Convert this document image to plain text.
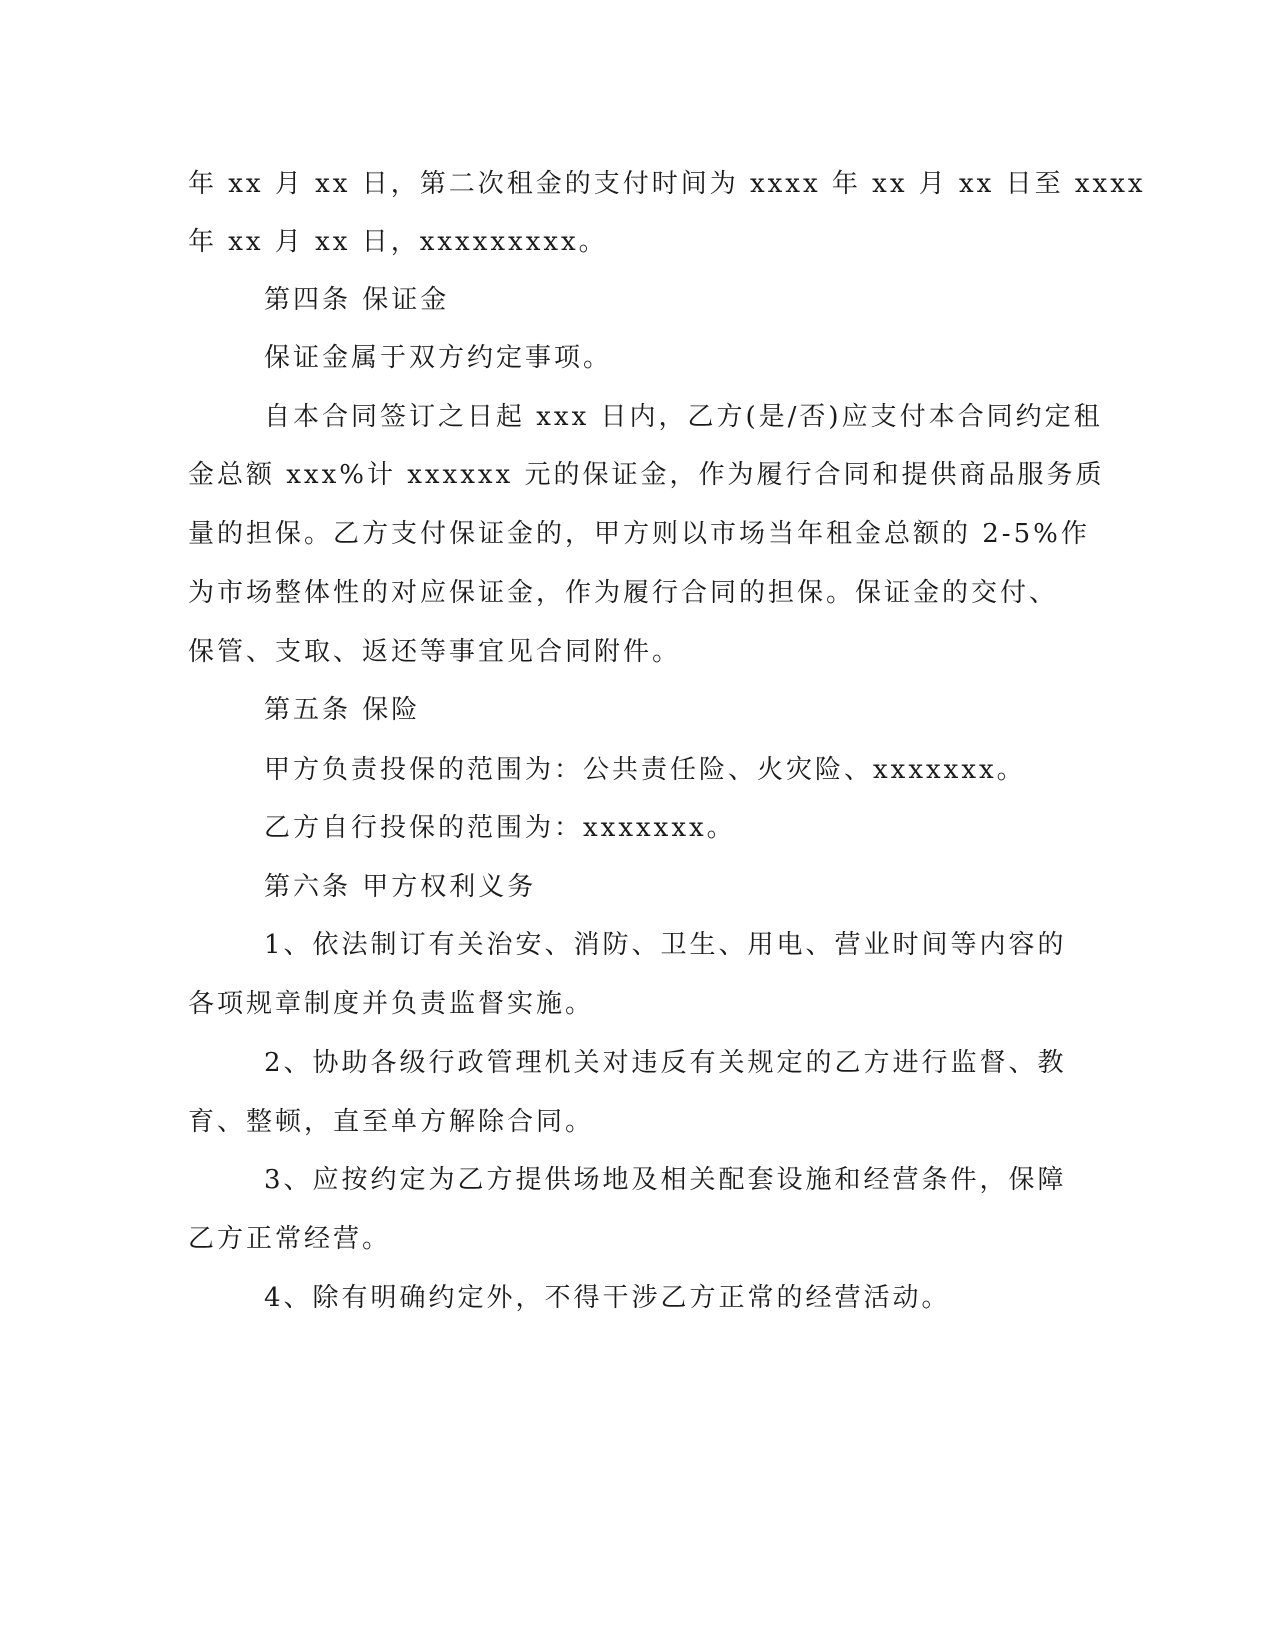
年 xx 月 xx 日，第二次租金的支付时间为 xxxx 年 xx 月 xx 日至 xxxx
年 xx 月 xx 日，xxxxxxxxx。
第四条 保证金
保证金属于双方约定事项。
自本合同签订之日起 xxx 日内，乙方(是/否)应支付本合同约定租
金总额 xxx%计 xxxxxx 元的保证金，作为履行合同和提供商品服务质
量的担保。乙方支付保证金的，甲方则以市场当年租金总额的 2-5%作
为市场整体性的对应保证金，作为履行合同的担保。保证金的交付、
保管、支取、返还等事宜见合同附件。
第五条 保险
甲方负责投保的范围为：公共责任险、火灾险、xxxxxxx。
乙方自行投保的范围为：xxxxxxx。
第六条 甲方权利义务
1、依法制订有关治安、消防、卫生、用电、营业时间等内容的
各项规章制度并负责监督实施。
2、协助各级行政管理机关对违反有关规定的乙方进行监督、教
育、整顿，直至单方解除合同。
3、应按约定为乙方提供场地及相关配套设施和经营条件，保障
乙方正常经营。
4、除有明确约定外，不得干涉乙方正常的经营活动。
